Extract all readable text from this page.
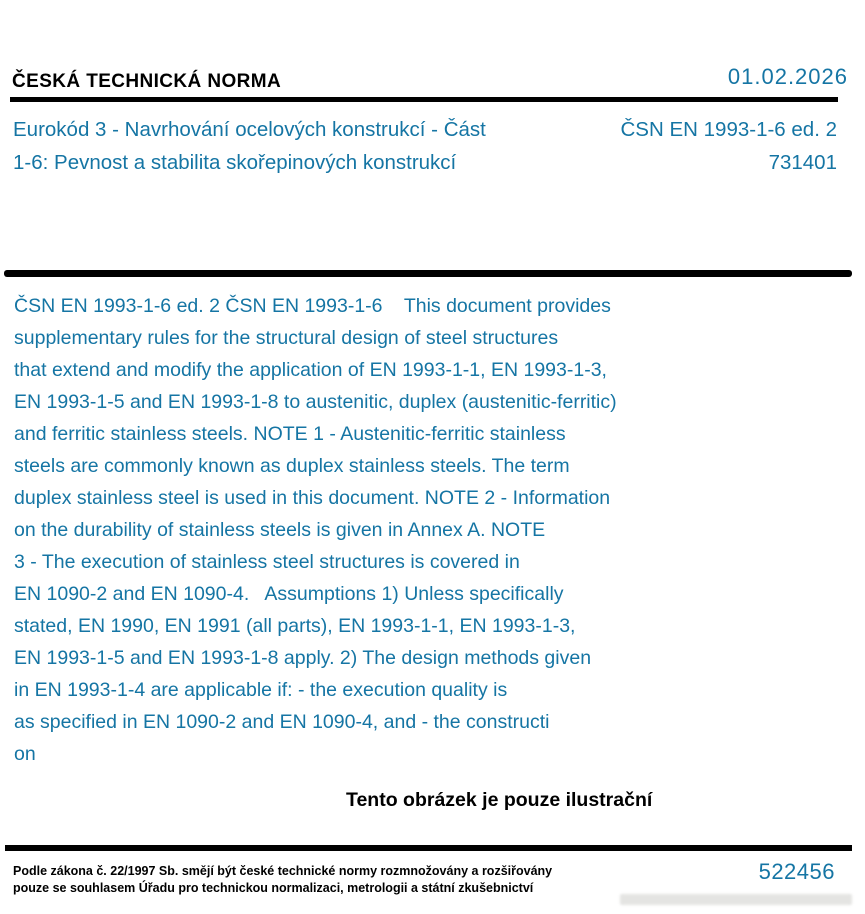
ČESKÁ TECHNICKÁ NORMA	01.02.2026
Eurokód 3 - Navrhování ocelových konstrukcí - Část
1-6: Pevnost a stabilita skořepinových konstrukcí
ČSN EN 1993-1-6 ed. 2
731401
ČSN EN 1993-1-6 ed. 2 ČSN EN 1993-1-6    This document provides
supplementary rules for the structural design of steel structures
that extend and modify the application of EN 1993-1-1, EN 1993-1-3,
EN 1993-1-5 and EN 1993-1-8 to austenitic, duplex (austenitic-ferritic)
and ferritic stainless steels. NOTE 1 - Austenitic-ferritic stainless
steels are commonly known as duplex stainless steels. The term
duplex stainless steel is used in this document. NOTE 2 - Information
on the durability of stainless steels is given in Annex A. NOTE
3 - The execution of stainless steel structures is covered in
EN 1090-2 and EN 1090-4.   Assumptions 1) Unless specifically
stated, EN 1990, EN 1991 (all parts), EN 1993-1-1, EN 1993-1-3,
EN 1993-1-5 and EN 1993-1-8 apply. 2) The design methods given
in EN 1993-1-4 are applicable if: - the execution quality is
as specified in EN 1090-2 and EN 1090-4, and - the constructi
on
Tento obrázek je pouze ilustrační
Podle zákona č. 22/1997 Sb. smějí být české technické normy rozmnožovány a rozšiřovány
pouze se souhlasem Úřadu pro technickou normalizaci, metrologii a státní zkušebnictví
522456
